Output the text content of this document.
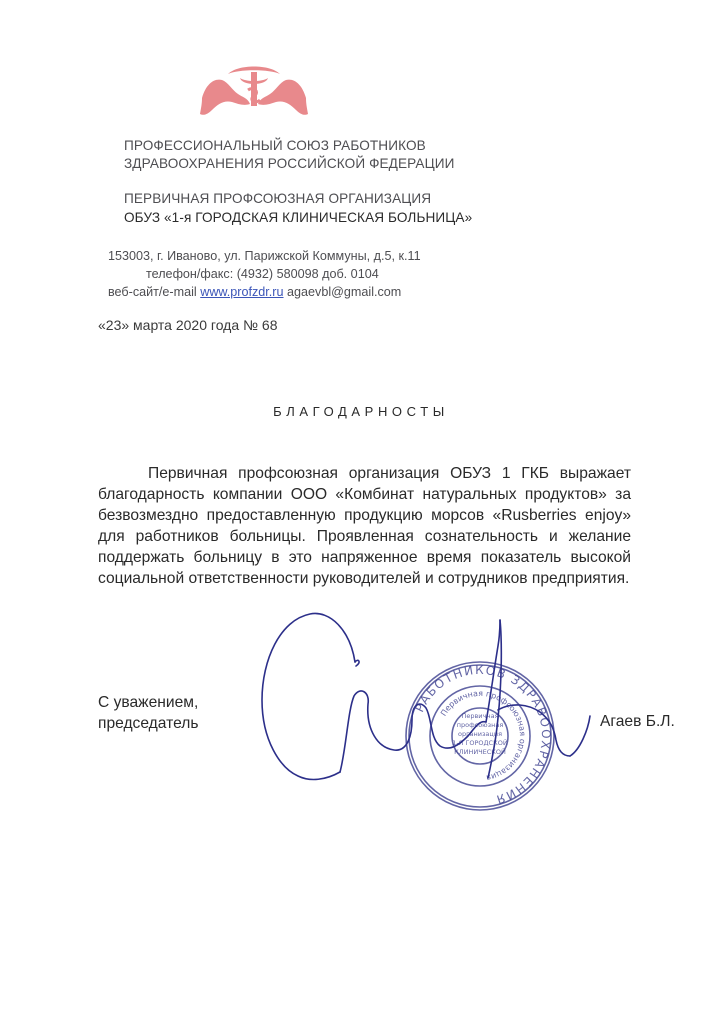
ПРОФЕССИОНАЛЬНЫЙ СОЮЗ РАБОТНИКОВ
ЗДРАВООХРАНЕНИЯ РОССИЙСКОЙ ФЕДЕРАЦИИ
ПЕРВИЧНАЯ ПРОФСОЮЗНАЯ ОРГАНИЗАЦИЯ
ОБУЗ «1-я ГОРОДСКАЯ КЛИНИЧЕСКАЯ БОЛЬНИЦА»
153003, г. Иваново, ул. Парижской Коммуны, д.5, к.11
телефон/факс: (4932) 580098 доб. 0104
веб-сайт/e-mail www.profzdr.ru agaevbl@gmail.com
«23» марта 2020 года № 68
БЛАГОДАРНОСТЫ

Первичная профсоюзная организация ОБУЗ 1 ГКБ выражает благодарность компании ООО «Комбинат натуральных продуктов» за безвозмездно предоставленную продукцию морсов «Rusberries enjoy» для работников больницы. Проявленная сознательность и желание поддержать больницу в это напряженное время показатель высокой социальной ответственности руководителей и сотрудников предприятия.

С уважением,
председатель	Агаев Б.Л.
РАБОТНИКОВ ЗДРАВООХРАНЕНИЯ
Первичная профсоюзная организация
Первичная
профсоюзная
организация
1-Я ГОРОДСКОЙ
КЛИНИЧЕСКОЙ
